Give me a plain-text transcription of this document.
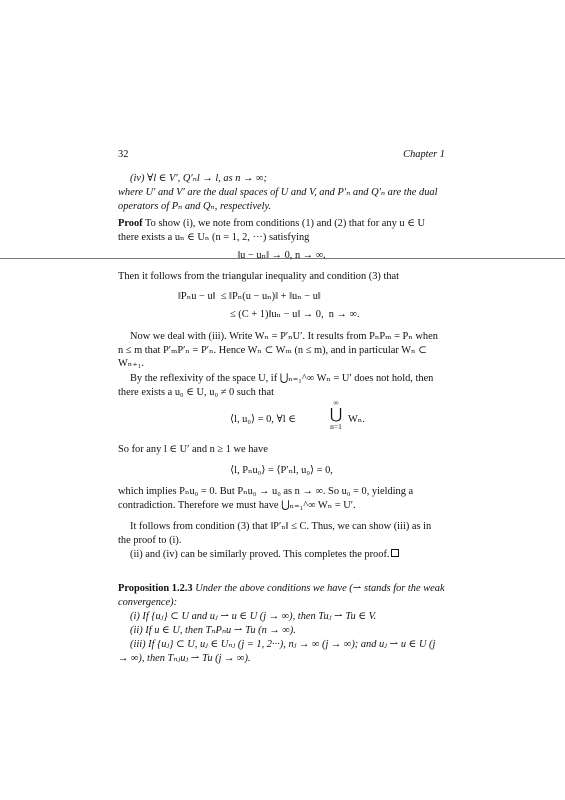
32	Chapter 1
(iv) ∀l ∈ V′, Q′ₙl → l, as n → ∞;
where U′ and V′ are the dual spaces of U and V, and P′ₙ and Q′ₙ are the dual operators of Pₙ and Qₙ, respectively.
Proof To show (i), we note from conditions (1) and (2) that for any u ∈ U there exists a uₙ ∈ Uₙ (n = 1, 2, ···) satisfying
‖u − uₙ‖ → 0, n → ∞.
Then it follows from the triangular inequality and condition (3) that
‖Pₙu − u‖  ≤ ‖Pₙ(u − uₙ)‖ + ‖uₙ − u‖
≤ (C + 1)‖uₙ − u‖ → 0,  n → ∞.
Now we deal with (iii). Write Wₙ = P′ₙU′. It results from PₙPₘ = Pₙ when n ≤ m that P′ₘP′ₙ = P′ₙ. Hence Wₙ ⊂ Wₘ (n ≤ m), and in particular Wₙ ⊂ Wₙ₊₁.
By the reflexivity of the space U, if ⋃ₙ₌₁^∞ Wₙ = U′ does not hold, then there exists a u₀ ∈ U, u₀ ≠ 0 such that
⟨l, u₀⟩ = 0, ∀l ∈
∞
⋃
n=1
Wₙ.
So for any l ∈ U′ and n ≥ 1 we have
⟨l, Pₙu₀⟩ = ⟨P′ₙl, u₀⟩ = 0,
which implies Pₙu₀ = 0. But Pₙu₀ → u₀ as n → ∞. So u₀ = 0, yielding a contradiction. Therefore we must have ⋃ₙ₌₁^∞ Wₙ = U′.
It follows from condition (3) that ‖P′ₙ‖ ≤ C. Thus, we can show (iii) as in the proof to (i).
(ii) and (iv) can be similarly proved. This completes the proof.
Proposition 1.2.3 Under the above conditions we have (⇀ stands for the weak convergence):
(i) If {uⱼ} ⊂ U and uⱼ ⇀ u ∈ U (j → ∞), then Tuⱼ ⇀ Tu ∈ V.
(ii) If u ∈ U, then TₙPₙu ⇀ Tu (n → ∞).
(iii) If {uⱼ} ⊂ U, uⱼ ∈ Uₙⱼ (j = 1, 2···), nⱼ → ∞ (j → ∞); and uⱼ ⇀ u ∈ U (j → ∞), then Tₙⱼuⱼ ⇀ Tu (j → ∞).
